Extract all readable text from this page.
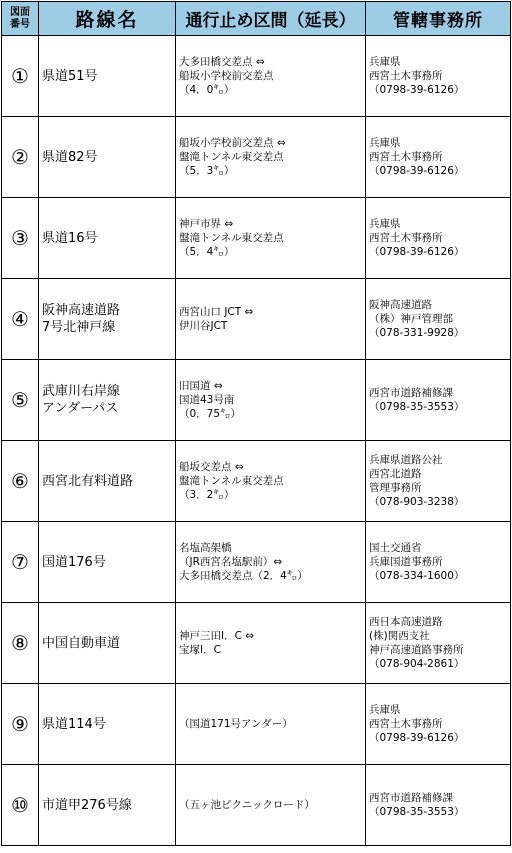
図面
番号	路線名	通行止め区間（延長）	管轄事務所
①	県道51号	大多田橋交差点 ⇔
船坂小学校前交差点
（4．0㌔）	兵庫県
西宮土木事務所
（0798-39-6126）

②	県道82号	船坂小学校前交差点 ⇔
盤滝トンネル東交差点
（5．3㌔）	兵庫県
西宮土木事務所
（0798-39-6126）

③	県道16号	神戸市界 ⇔
盤滝トンネル東交差点
（5．4㌔）	兵庫県
西宮土木事務所
（0798-39-6126）

④	阪神高速道路
7号北神戸線	西宮山口 JCT ⇔
伊川谷JCT	阪神高速道路
（株）神戸管理部
（078-331-9928）

⑤	武庫川右岸線
アンダーパス	旧国道 ⇔
国道43号南
（0．75㌔）	西宮市道路補修課
（0798-35-3553）

⑥	西宮北有料道路	船坂交差点 ⇔
盤滝トンネル東交差点
（3．2㌔）	兵庫県道路公社
西宮北道路
管理事務所
（078-903-3238）

⑦	国道176号	名塩高架橋
（JR西宮名塩駅前）⇔
大多田橋交差点（2．4㌔）	国土交通省
兵庫国道事務所
（078-334-1600）

⑧	中国自動車道	神戸三田I．C ⇔
宝塚I．C	西日本高速道路
(株)関西支社
神戸高速道路事務所
（078-904-2861）

⑨	県道114号	（国道171号アンダー）	兵庫県
西宮土木事務所
（0798-39-6126）

⑩	市道甲276号線	（五ヶ池ピクニックロード）	西宮市道路補修課
（0798-35-3553）
